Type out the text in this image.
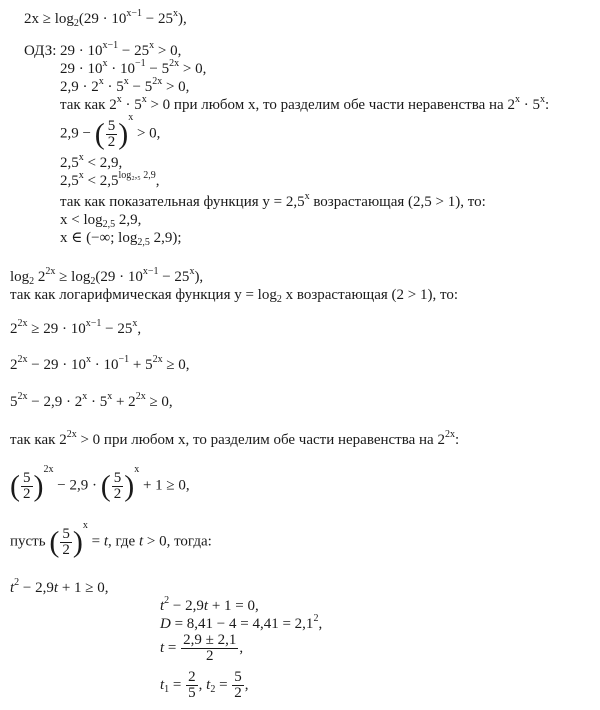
$2x \ge \log_2(29 \cdot 10^{x-1} - 25^x)$,
ОДЗ: $29 \cdot 10^{x-1} - 25^x > 0$,
$29 \cdot 10^x \cdot 10^{-1} - 5^{2x} > 0$,
$2,9 \cdot 2^x \cdot 5^x - 5^{2x} > 0$,
так как $2^x \cdot 5^x > 0$ при любом x, то разделим обе части неравенства на $2^x \cdot 5^x$:
2,9 − ( $\frac{5}{2} )x > 0$,
$2,5^x < 2,9$,
$2,5^x < 2,5^{log_2,_5 2,9}$,
так как показательная функция $y = 2,5^x$ возрастающая (2,5 > 1), то:
$x < \log_{2,5} 2,9$,
x ∈ (−∞; $\log_{2,5} 2,9$);
$\log_2 2^{2x} \ge \log_2(29 \cdot 10^{x-1} - 25^x)$,
так как логарифмическая функция $y = \log_2 x$ возрастающая (2 > 1), то:
$2^{2x} \ge 29 \cdot 10^{x-1} - 25^x$,
$2^{2x} - 29 \cdot 10^x \cdot 10^{-1} + 5^{2x} \ge 0$,
$5^{2x} - 2,9 \cdot 2^x \cdot 5^x + 2^{2x} \ge 0$,
так как $2^{2x} > 0$ при любом x, то разделим обе части неравенства на $2^{2x}$:
( $\frac{5}{2} )2x - 2,9$ · ( $\frac{5}{2} )x + 1 \ge 0$,
пусть ( $\frac{5}{2} )x = t$, где t > 0, тогда:
$t^2 - 2,9t + 1 \ge 0$,
$t^2 - 2,9t + 1 = 0$,
$D = 8,41 - 4 = 4,41 = 2,1^2$,
$t = \frac{2,9 \pm 2,1}{2}$ ,
$t_1 = \frac{2}{5}$ , $t_2 = \frac{5}{2}$ ,
